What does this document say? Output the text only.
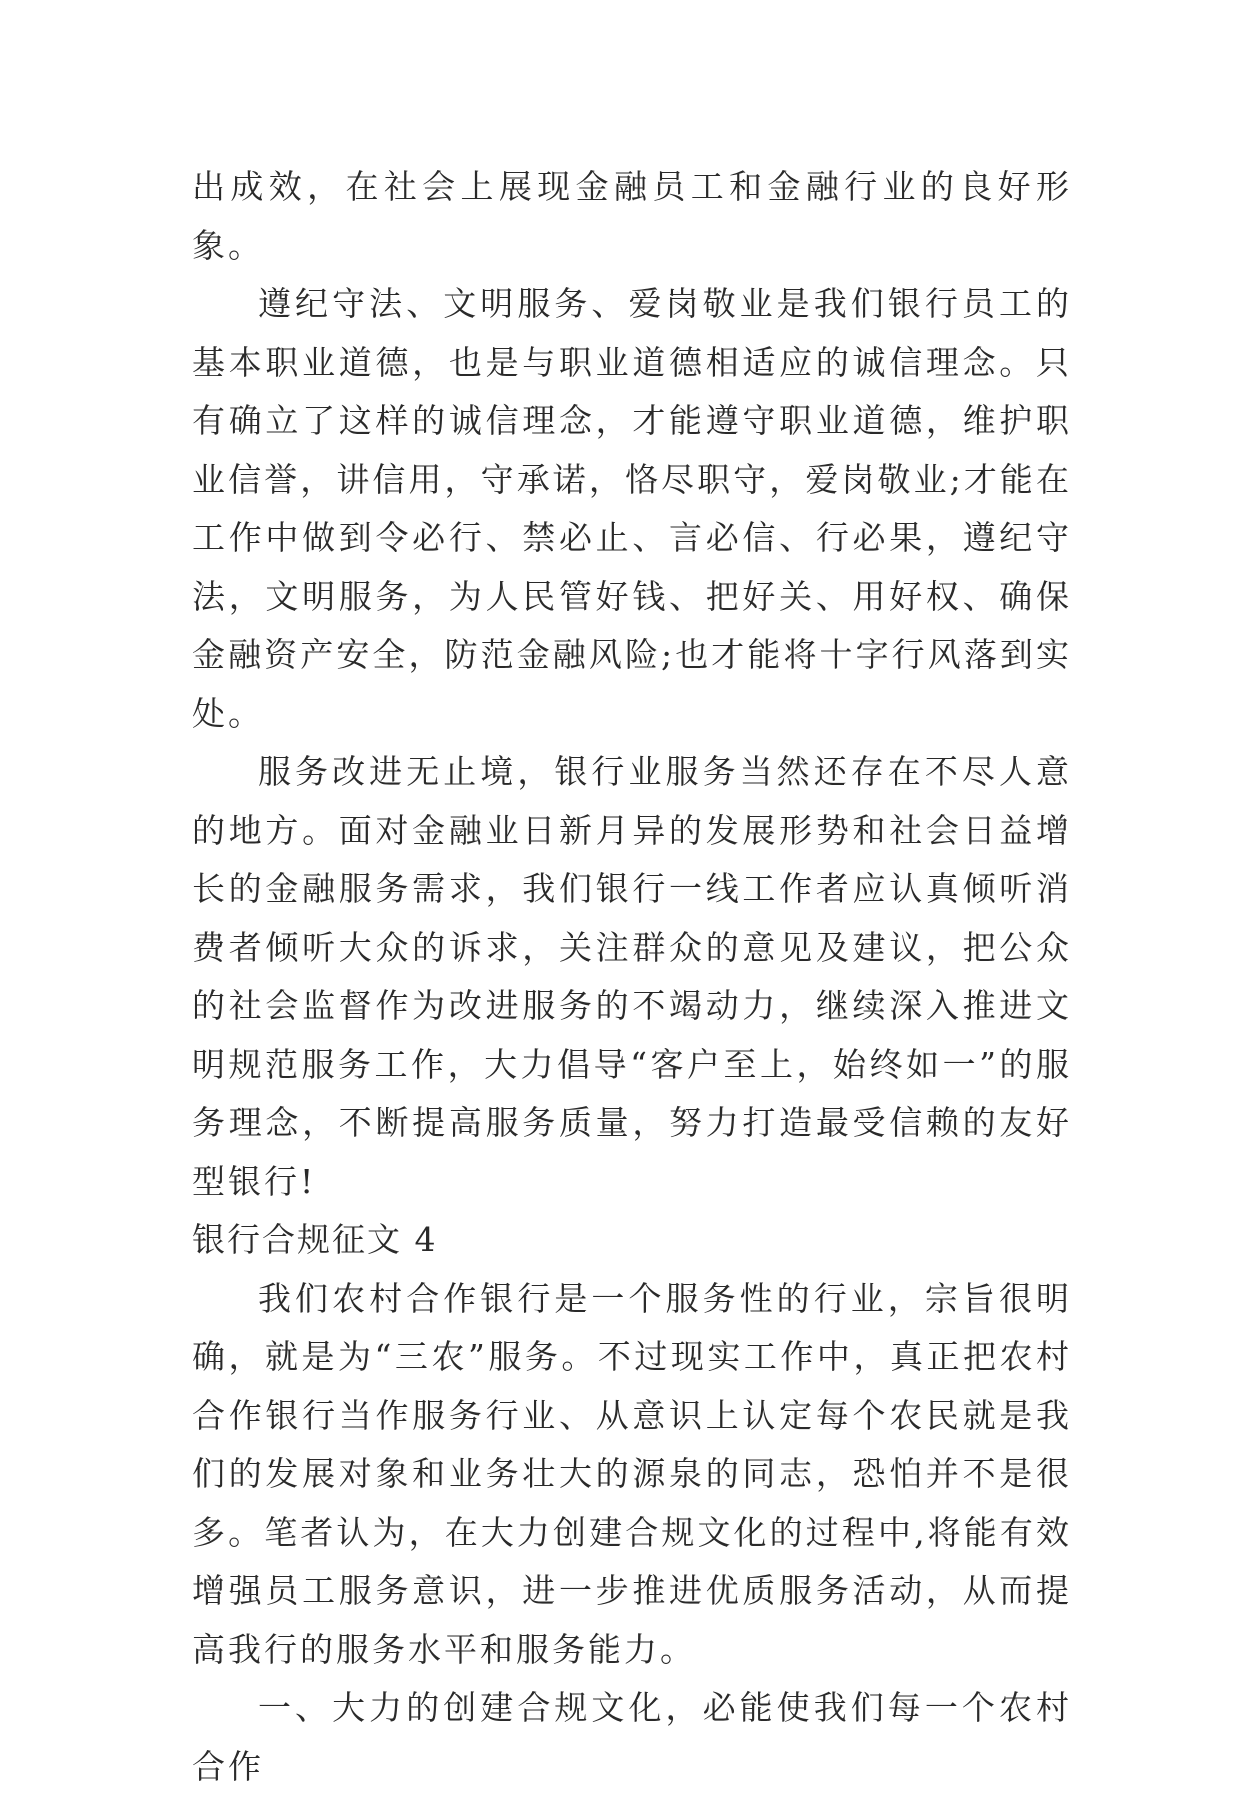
出成效，在社会上展现金融员工和金融行业的良好形象。

遵纪守法、文明服务、爱岗敬业是我们银行员工的基本职业道德，也是与职业道德相适应的诚信理念。只有确立了这样的诚信理念，才能遵守职业道德，维护职业信誉，讲信用，守承诺，恪尽职守，爱岗敬业;才能在工作中做到令必行、禁必止、言必信、行必果，遵纪守法，文明服务，为人民管好钱、把好关、用好权、确保金融资产安全，防范金融风险;也才能将十字行风落到实处。

服务改进无止境，银行业服务当然还存在不尽人意的地方。面对金融业日新月异的发展形势和社会日益增长的金融服务需求，我们银行一线工作者应认真倾听消费者倾听大众的诉求，关注群众的意见及建议，把公众的社会监督作为改进服务的不竭动力，继续深入推进文明规范服务工作，大力倡导“客户至上，始终如一”的服务理念，不断提高服务质量，努力打造最受信赖的友好型银行!

银行合规征文 4

我们农村合作银行是一个服务性的行业，宗旨很明确，就是为“三农”服务。不过现实工作中，真正把农村合作银行当作服务行业、从意识上认定每个农民就是我们的发展对象和业务壮大的源泉的同志，恐怕并不是很多。笔者认为，在大力创建合规文化的过程中,将能有效增强员工服务意识，进一步推进优质服务活动，从而提高我行的服务水平和服务能力。

一、大力的创建合规文化，必能使我们每一个农村合作
